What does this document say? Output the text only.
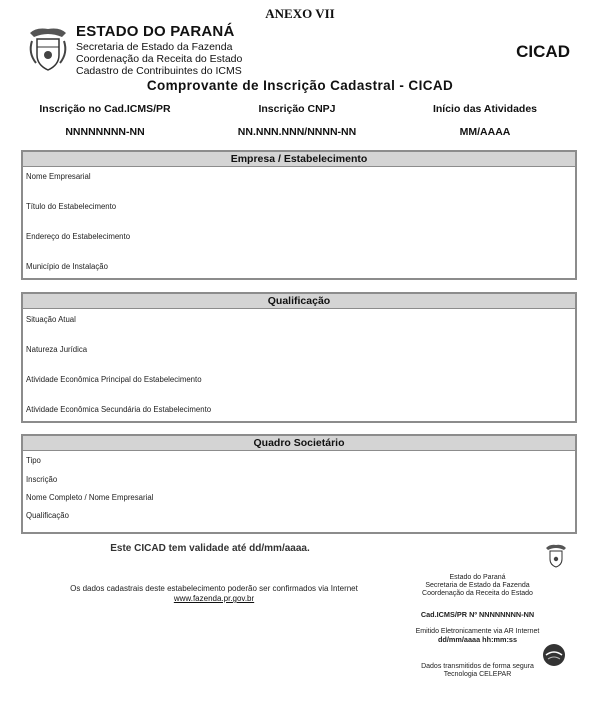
ANEXO VII
ESTADO DO PARANÁ
Secretaria de Estado da Fazenda
Coordenação da Receita do Estado
Cadastro de Contribuintes do ICMS
CICAD
Comprovante de Inscrição Cadastral - CICAD
Inscrição no Cad.ICMS/PR	Inscrição CNPJ	Início das Atividades
NNNNNNNN-NN	NN.NNN.NNN/NNNN-NN	MM/AAAA
Empresa / Estabelecimento
Nome Empresarial
Título do Estabelecimento
Endereço do Estabelecimento
Município de Instalação
Qualificação
Situação Atual
Natureza Jurídica
Atividade Econômica Principal do Estabelecimento
Atividade Econômica Secundária do Estabelecimento
Quadro Societário
Tipo
Inscrição
Nome Completo / Nome Empresarial
Qualificação
Este CICAD tem validade até dd/mm/aaaa.
Os dados cadastrais deste estabelecimento poderão ser confirmados via Internet
www.fazenda.pr.gov.br
Estado do Paraná
Secretaria de Estado da Fazenda
Coordenação da Receita do Estado
Cad.ICMS/PR Nº NNNNNNNN-NN
Emitido Eletronicamente via AR Internet
dd/mm/aaaa hh:mm:ss
Dados transmitidos de forma segura
Tecnologia CELEPAR
